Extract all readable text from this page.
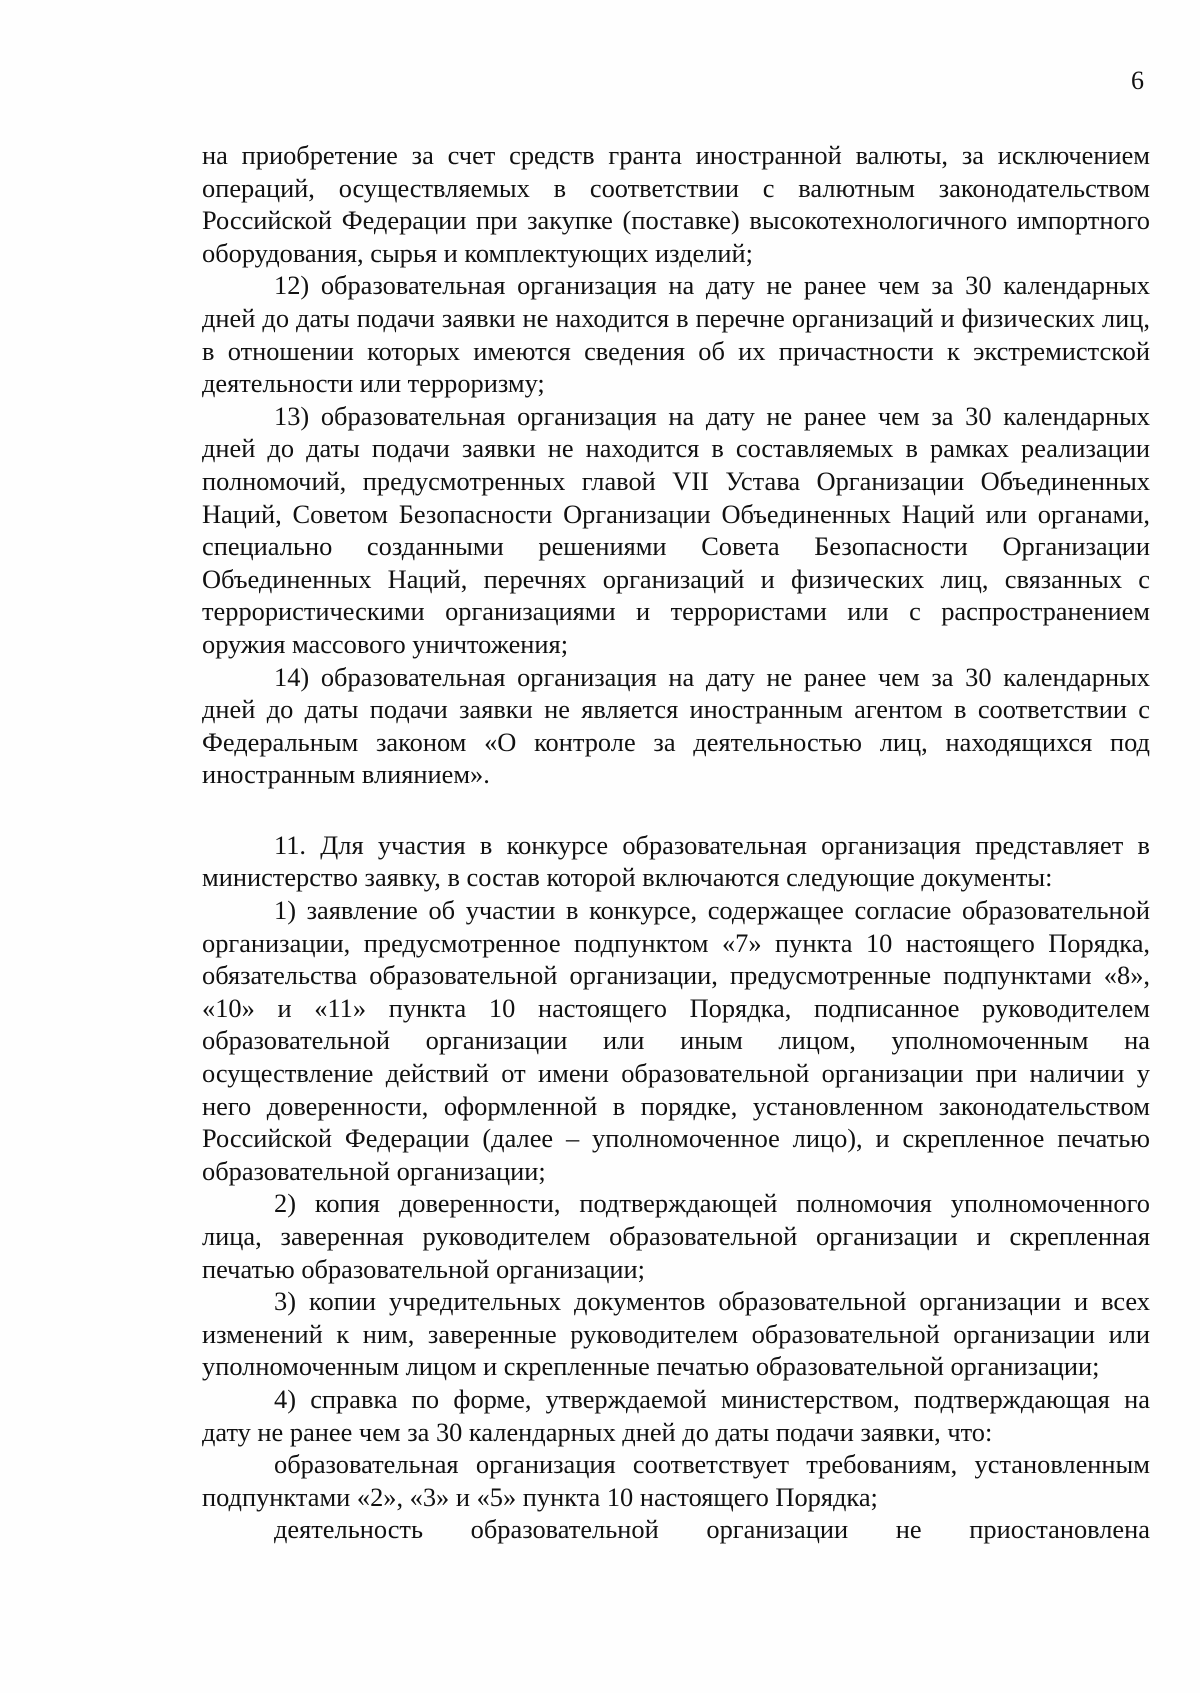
6

на приобретение за счет средств гранта иностранной валюты, за исключением операций, осуществляемых в соответствии с валютным законодательством Российской Федерации при закупке (поставке) высокотехнологичного импортного оборудования, сырья и комплектующих изделий;

12) образовательная организация на дату не ранее чем за 30 календарных дней до даты подачи заявки не находится в перечне организаций и физических лиц, в отношении которых имеются сведения об их причастности к экстремистской деятельности или терроризму;

13) образовательная организация на дату не ранее чем за 30 календарных дней до даты подачи заявки не находится в составляемых в рамках реализации полномочий, предусмотренных главой VII Устава Организации Объединенных Наций, Советом Безопасности Организации Объединенных Наций или органами, специально созданными решениями Совета Безопасности Организации Объединенных Наций, перечнях организаций и физических лиц, связанных с террористическими организациями и террористами или с распространением оружия массового уничтожения;

14) образовательная организация на дату не ранее чем за 30 календарных дней до даты подачи заявки не является иностранным агентом в соответствии с Федеральным законом «О контроле за деятельностью лиц, находящихся под иностранным влиянием».

11. Для участия в конкурсе образовательная организация представляет в министерство заявку, в состав которой включаются следующие документы:

1) заявление об участии в конкурсе, содержащее согласие образовательной организации, предусмотренное подпунктом «7» пункта 10 настоящего Порядка, обязательства образовательной организации, предусмотренные подпунктами «8», «10» и «11» пункта 10 настоящего Порядка, подписанное руководителем образовательной организации или иным лицом, уполномоченным на осуществление действий от имени образовательной организации при наличии у него доверенности, оформленной в порядке, установленном законодательством Российской Федерации (далее – уполномоченное лицо), и скрепленное печатью образовательной организации;

2) копия доверенности, подтверждающей полномочия уполномоченного лица, заверенная руководителем образовательной организации и скрепленная печатью образовательной организации;

3) копии учредительных документов образовательной организации и всех изменений к ним, заверенные руководителем образовательной организации или уполномоченным лицом и скрепленные печатью образовательной организации;

4) справка по форме, утверждаемой министерством, подтверждающая на дату не ранее чем за 30 календарных дней до даты подачи заявки, что:

образовательная организация соответствует требованиям, установленным подпунктами «2», «3» и «5» пункта 10 настоящего Порядка;

деятельность образовательной организации не приостановлена
